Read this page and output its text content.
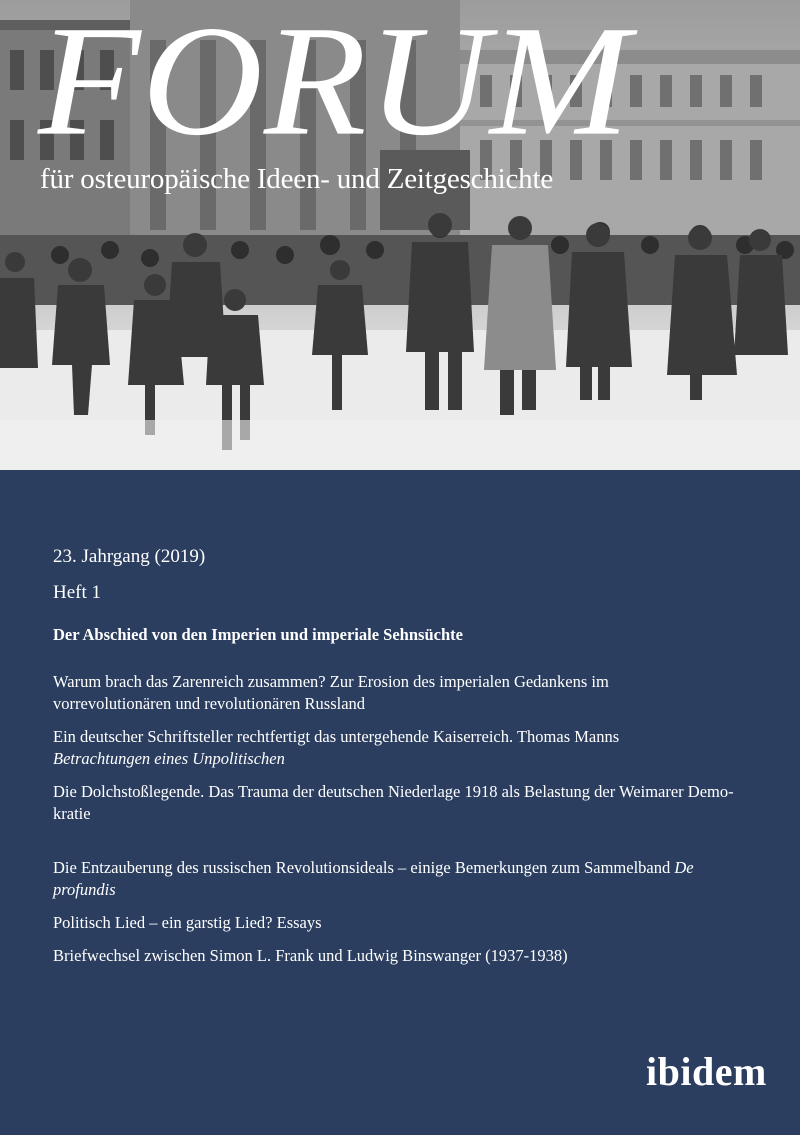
FORUM
für osteuropäische Ideen- und Zeitgeschichte
23. Jahrgang (2019)
Heft 1
Der Abschied von den Imperien und imperiale Sehnsüchte
Warum brach das Zarenreich zusammen? Zur Erosion des imperialen Gedankens im
vorrevolutionären und revolutionären Russland
Ein deutscher Schriftsteller rechtfertigt das untergehende Kaiserreich. Thomas Manns
Betrachtungen eines Unpolitischen
Die Dolchstoßlegende. Das Trauma der deutschen Niederlage 1918 als Belastung der Weimarer Demo-
kratie
Die Entzauberung des russischen Revolutionsideals – einige Bemerkungen zum Sammelband De
profundis
Politisch Lied – ein garstig Lied? Essays
Briefwechsel zwischen Simon L. Frank und Ludwig Binswanger (1937-1938)
ibidem
